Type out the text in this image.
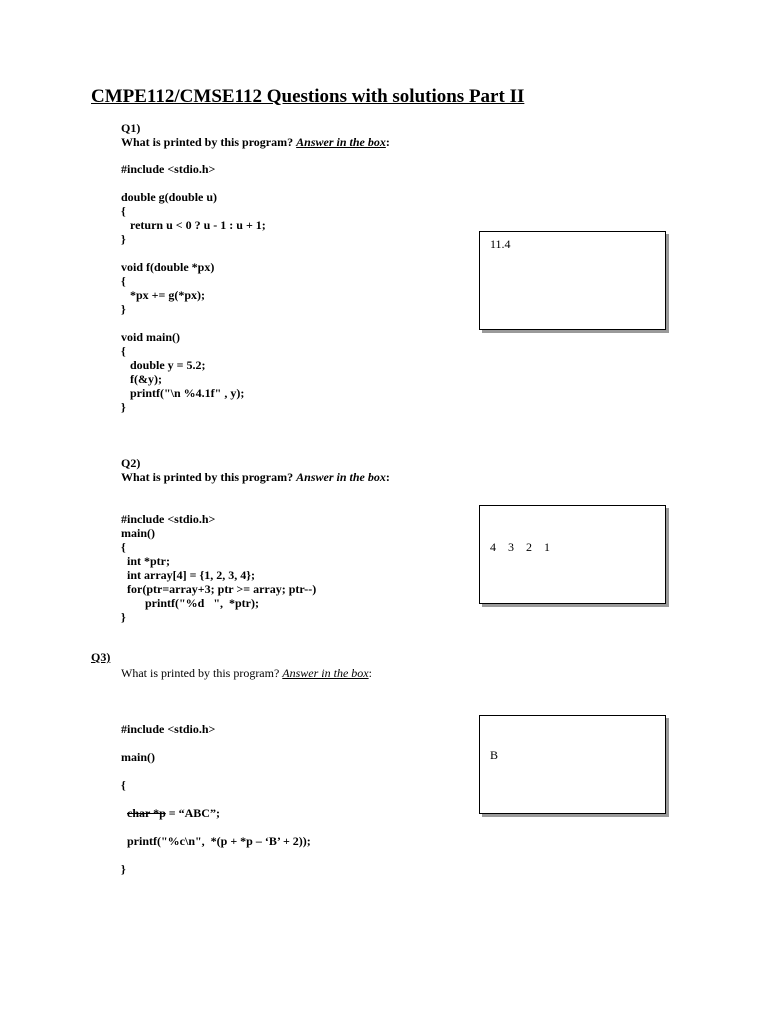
CMPE112/CMSE112 Questions with solutions Part II
Q1)
What is printed by this program? Answer in the box:
#include <stdio.h>

double g(double u)
{
return u < 0 ? u - 1 : u + 1;
}

void f(double *px)
{
*px += g(*px);
}

void main()
{
double y = 5.2;
f(&y);
printf("\n %4.1f" , y);
}
11.4
Q2)
What is printed by this program? Answer in the box:
#include <stdio.h>
main()
{
int *ptr;
int array[4] = {1, 2, 3, 4};
for(ptr=array+3; ptr >= array; ptr--)
printf("%d   ",  *ptr);
}
4    3    2    1
Q3)
What is printed by this program? Answer in the box:

#include <stdio.h>

main()

{

char *p = “ABC”;

printf("%c\n",  *(p + *p – ‘B’ + 2));

}

B
